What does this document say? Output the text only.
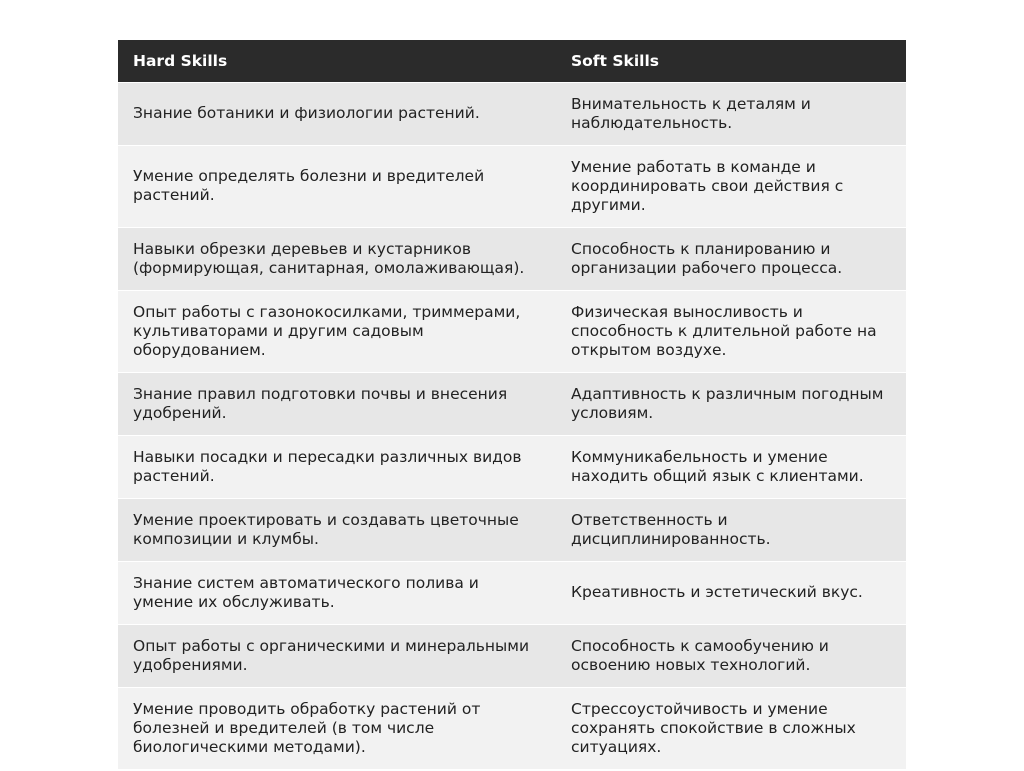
Hard Skills	Soft Skills
Знание ботаники и физиологии растений.	Внимательность к деталям и наблюдательность.
Умение определять болезни и вредителей растений.	Умение работать в команде и координировать свои действия с другими.
Навыки обрезки деревьев и кустарников (формирующая, санитарная, омолаживающая).	Способность к планированию и организации рабочего процесса.
Опыт работы с газонокосилками, триммерами, культиваторами и другим садовым оборудованием.	Физическая выносливость и способность к длительной работе на открытом воздухе.
Знание правил подготовки почвы и внесения удобрений.	Адаптивность к различным погодным условиям.
Навыки посадки и пересадки различных видов растений.	Коммуникабельность и умение находить общий язык с клиентами.
Умение проектировать и создавать цветочные композиции и клумбы.	Ответственность и дисциплинированность.
Знание систем автоматического полива и умение их обслуживать.	Креативность и эстетический вкус.
Опыт работы с органическими и минеральными удобрениями.	Способность к самообучению и освоению новых технологий.
Умение проводить обработку растений от болезней и вредителей (в том числе биологическими методами).	Стрессоустойчивость и умение сохранять спокойствие в сложных ситуациях.
